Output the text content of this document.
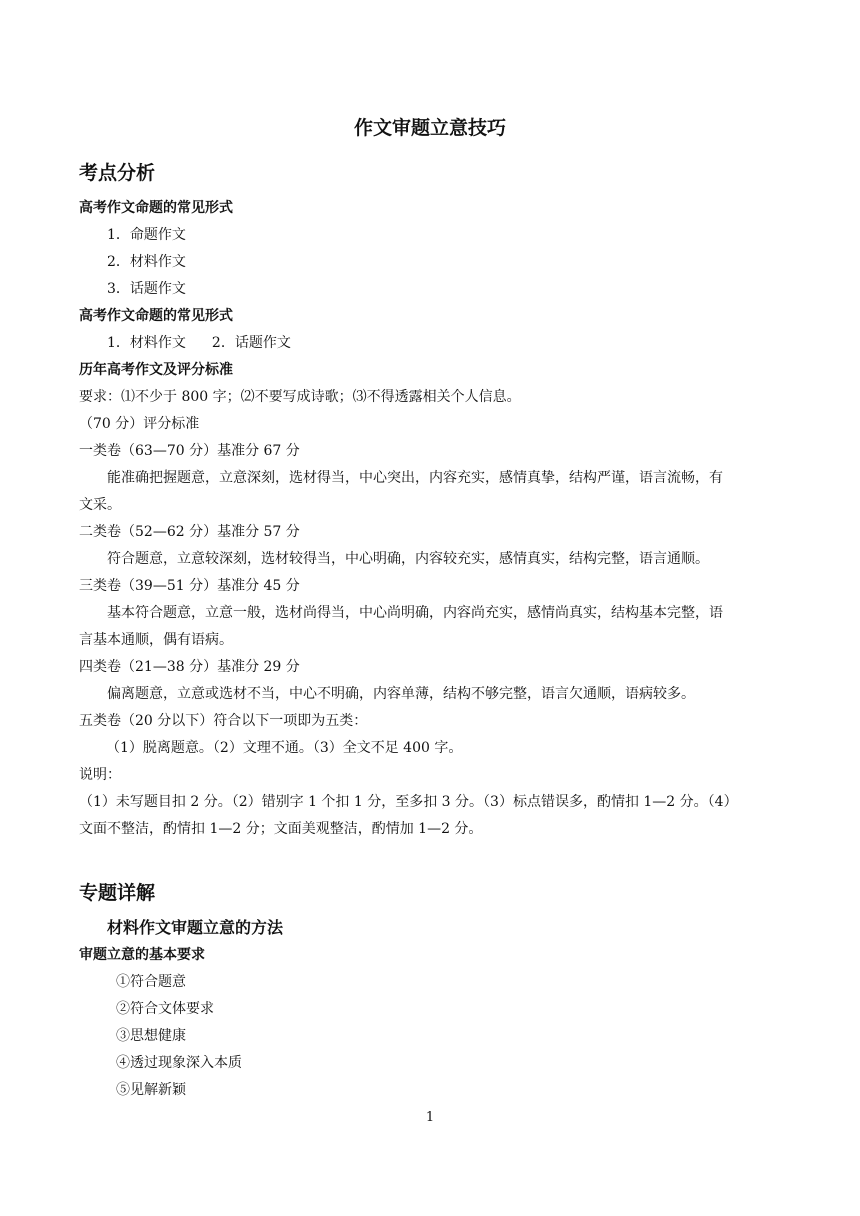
作文审题立意技巧
考点分析
高考作文命题的常见形式
1．命题作文
2．材料作文
3．话题作文
高考作文命题的常见形式
1．材料作文 2．话题作文
历年高考作文及评分标准
要求：⑴不少于 800 字；⑵不要写成诗歌；⑶不得透露相关个人信息。
（70 分）评分标准
一类卷（63—70 分）基准分 67 分
能准确把握题意，立意深刻，选材得当，中心突出，内容充实，感情真挚，结构严谨，语言流畅，有
文采。
二类卷（52—62 分）基准分 57 分
符合题意，立意较深刻，选材较得当，中心明确，内容较充实，感情真实，结构完整，语言通顺。
三类卷（39—51 分）基准分 45 分
基本符合题意，立意一般，选材尚得当，中心尚明确，内容尚充实，感情尚真实，结构基本完整，语
言基本通顺，偶有语病。
四类卷（21—38 分）基准分 29 分
偏离题意，立意或选材不当，中心不明确，内容单薄，结构不够完整，语言欠通顺，语病较多。
五类卷（20 分以下）符合以下一项即为五类：
（1）脱离题意。（2）文理不通。（3）全文不足 400 字。
说明：
（1）未写题目扣 2 分。（2）错别字 1 个扣 1 分，至多扣 3 分。（3）标点错误多，酌情扣 1—2 分。（4）
文面不整洁，酌情扣 1—2 分；文面美观整洁，酌情加 1—2 分。
专题详解
材料作文审题立意的方法
审题立意的基本要求
①符合题意
②符合文体要求
③思想健康
④透过现象深入本质
⑤见解新颖
1
